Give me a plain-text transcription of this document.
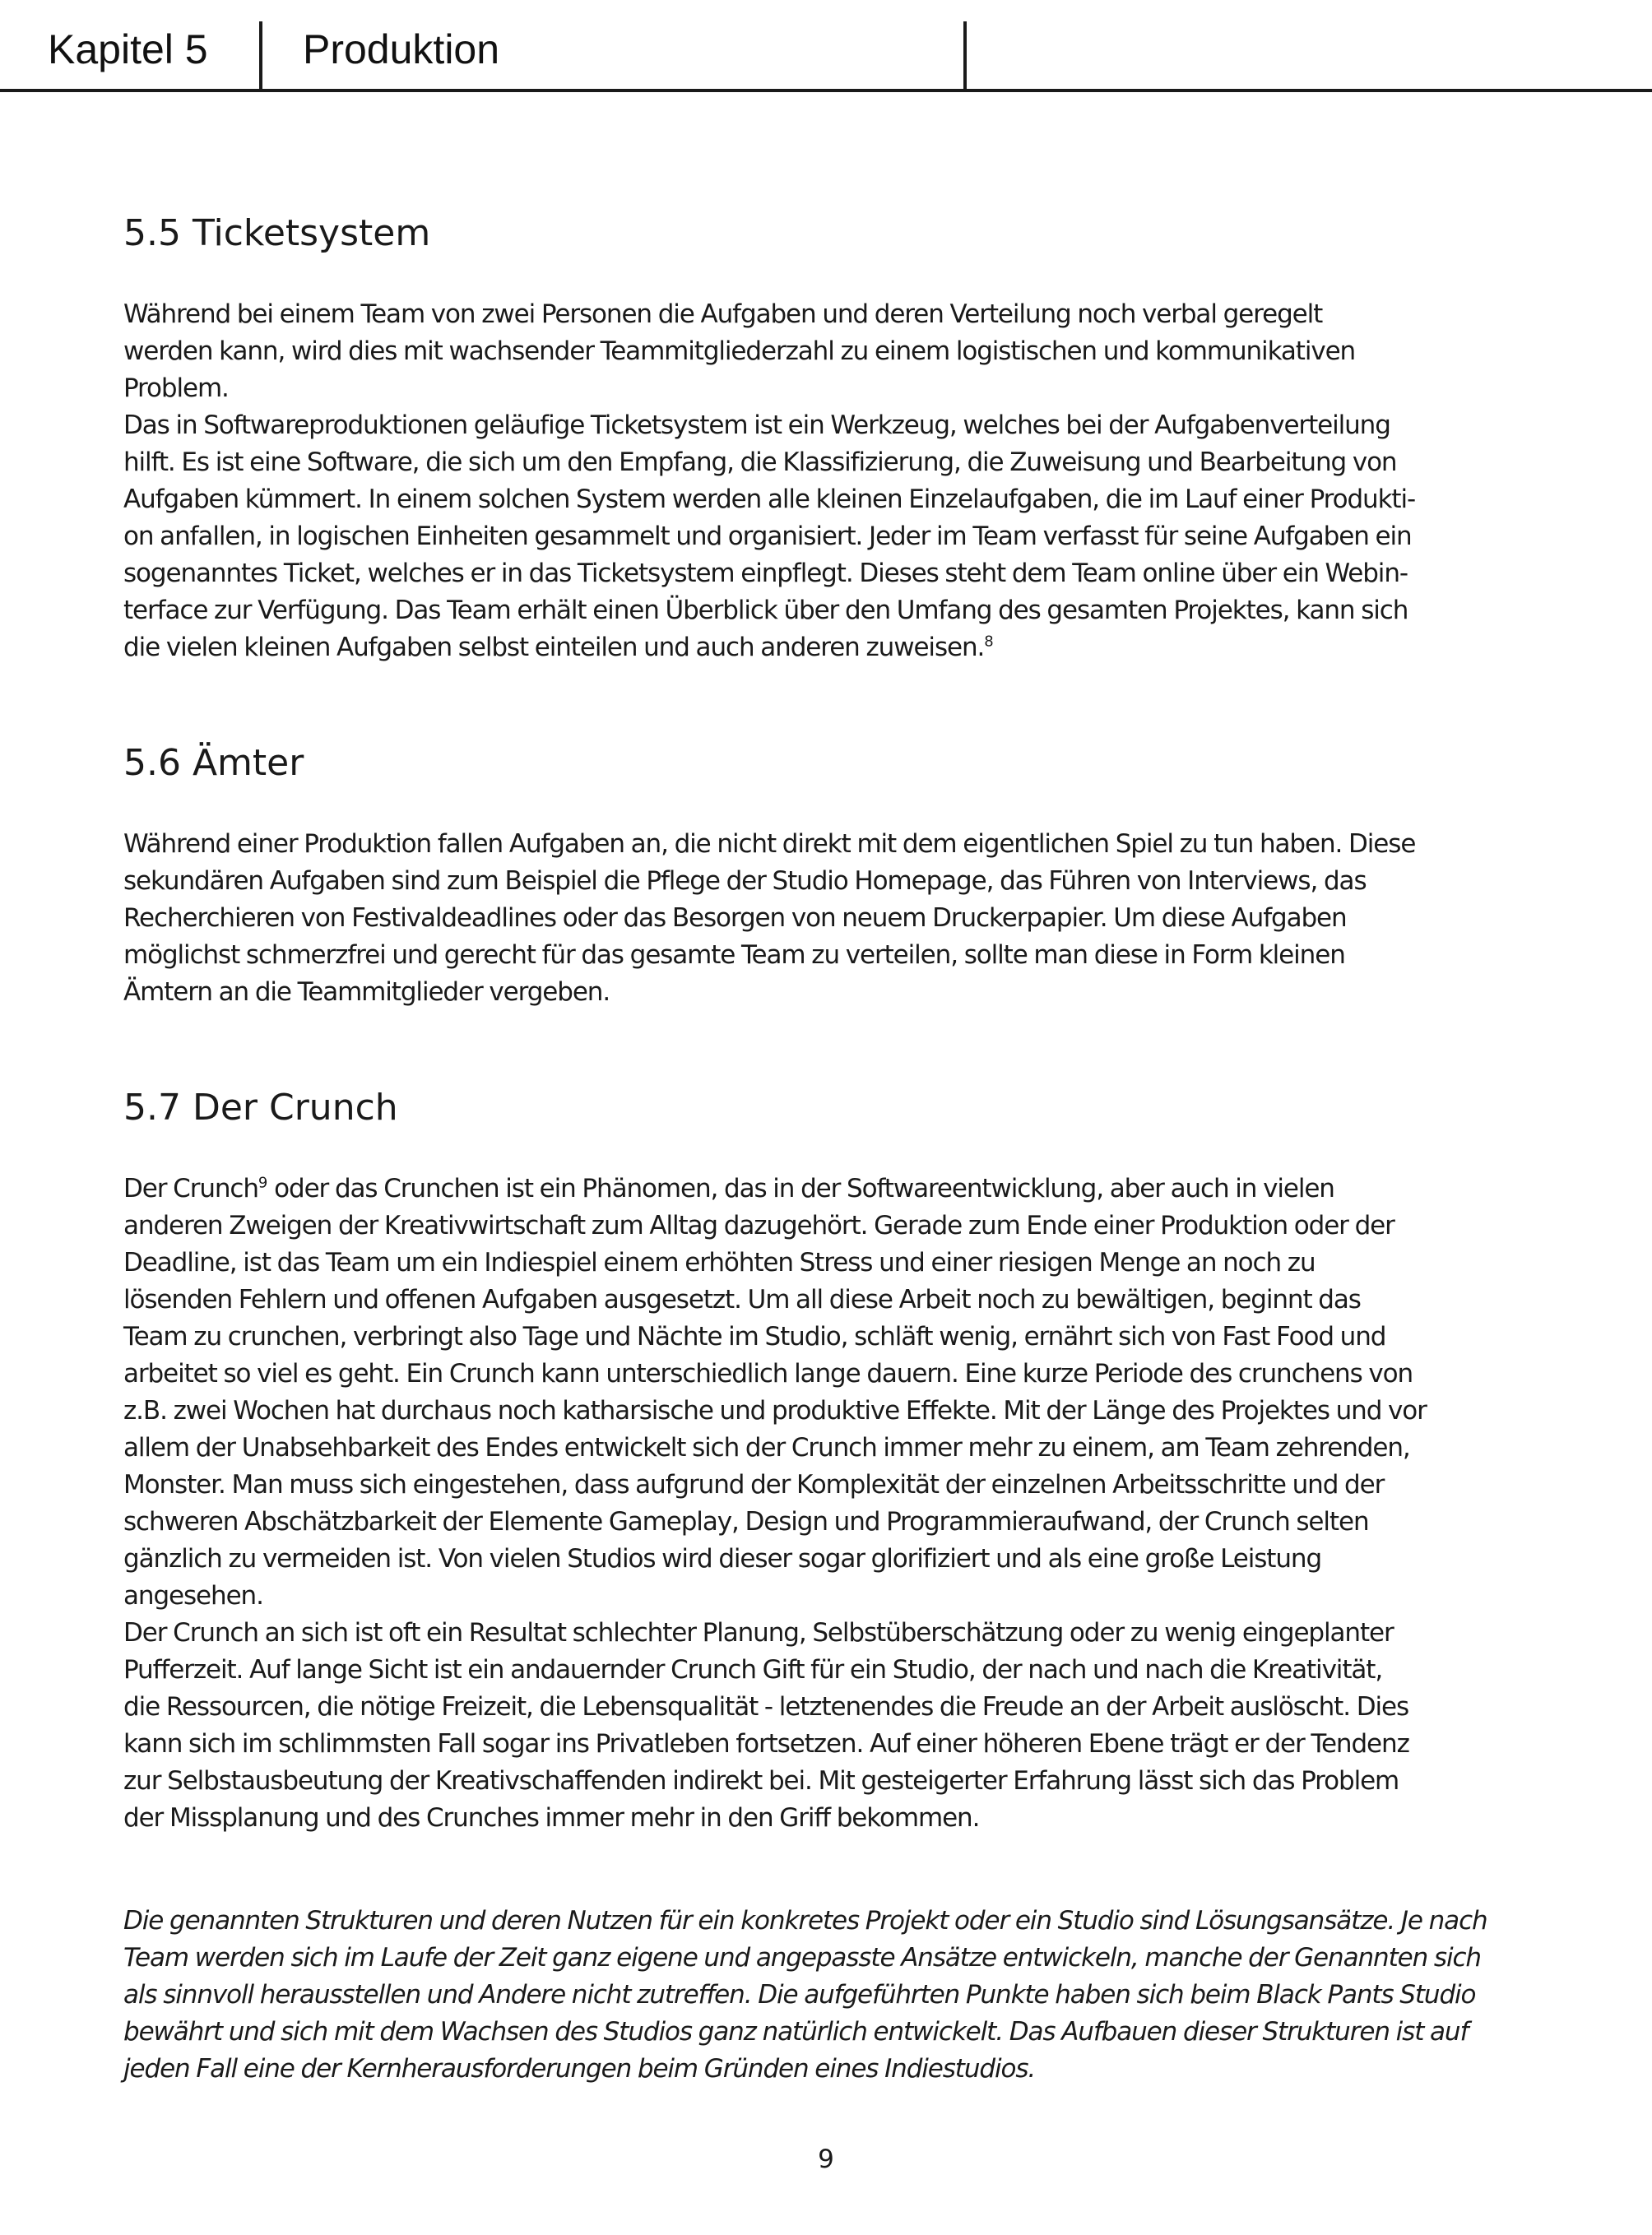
Kapitel 5 Produktion
5.5 Ticketsystem

Während bei einem Team von zwei Personen die Aufgaben und deren Verteilung noch verbal geregelt
werden kann, wird dies mit wachsender Teammitgliederzahl zu einem logistischen und kommunikativen
Problem.
Das in Softwareproduktionen geläufige Ticketsystem ist ein Werkzeug, welches bei der Aufgabenverteilung
hilft. Es ist eine Software, die sich um den Empfang, die Klassifizierung, die Zuweisung und Bearbeitung von
Aufgaben kümmert. In einem solchen System werden alle kleinen Einzelaufgaben, die im Lauf einer Produkti-
on anfallen, in logischen Einheiten gesammelt und organisiert. Jeder im Team verfasst für seine Aufgaben ein
sogenanntes Ticket, welches er in das Ticketsystem einpflegt. Dieses steht dem Team online über ein Webin-
terface zur Verfügung. Das Team erhält einen Überblick über den Umfang des gesamten Projektes, kann sich
die vielen kleinen Aufgaben selbst einteilen und auch anderen zuweisen.$^8$

5.6 Ämter

Während einer Produktion fallen Aufgaben an, die nicht direkt mit dem eigentlichen Spiel zu tun haben. Diese
sekundären Aufgaben sind zum Beispiel die Pflege der Studio Homepage, das Führen von Interviews, das
Recherchieren von Festivaldeadlines oder das Besorgen von neuem Druckerpapier. Um diese Aufgaben
möglichst schmerzfrei und gerecht für das gesamte Team zu verteilen, sollte man diese in Form kleinen
Ämtern an die Teammitglieder vergeben.

5.7 Der Crunch

Der Crunch$^9$ oder das Crunchen ist ein Phänomen, das in der Softwareentwicklung, aber auch in vielen
anderen Zweigen der Kreativwirtschaft zum Alltag dazugehört. Gerade zum Ende einer Produktion oder der
Deadline, ist das Team um ein Indiespiel einem erhöhten Stress und einer riesigen Menge an noch zu
lösenden Fehlern und offenen Aufgaben ausgesetzt. Um all diese Arbeit noch zu bewältigen, beginnt das
Team zu crunchen, verbringt also Tage und Nächte im Studio, schläft wenig, ernährt sich von Fast Food und
arbeitet so viel es geht. Ein Crunch kann unterschiedlich lange dauern. Eine kurze Periode des crunchens von
z.B. zwei Wochen hat durchaus noch katharsische und produktive Effekte. Mit der Länge des Projektes und vor
allem der Unabsehbarkeit des Endes entwickelt sich der Crunch immer mehr zu einem, am Team zehrenden,
Monster. Man muss sich eingestehen, dass aufgrund der Komplexität der einzelnen Arbeitsschritte und der
schweren Abschätzbarkeit der Elemente Gameplay, Design und Programmieraufwand, der Crunch selten
gänzlich zu vermeiden ist. Von vielen Studios wird dieser sogar glorifiziert und als eine große Leistung
angesehen.
Der Crunch an sich ist oft ein Resultat schlechter Planung, Selbstüberschätzung oder zu wenig eingeplanter
Pufferzeit. Auf lange Sicht ist ein andauernder Crunch Gift für ein Studio, der nach und nach die Kreativität,
die Ressourcen, die nötige Freizeit, die Lebensqualität - letztenendes die Freude an der Arbeit auslöscht. Dies
kann sich im schlimmsten Fall sogar ins Privatleben fortsetzen. Auf einer höheren Ebene trägt er der Tendenz
zur Selbstausbeutung der Kreativschaffenden indirekt bei. Mit gesteigerter Erfahrung lässt sich das Problem
der Missplanung und des Crunches immer mehr in den Griff bekommen.

Die genannten Strukturen und deren Nutzen für ein konkretes Projekt oder ein Studio sind Lösungsansätze. Je nach
Team werden sich im Laufe der Zeit ganz eigene und angepasste Ansätze entwickeln, manche der Genannten sich
als sinnvoll herausstellen und Andere nicht zutreffen. Die aufgeführten Punkte haben sich beim Black Pants Studio
bewährt und sich mit dem Wachsen des Studios ganz natürlich entwickelt. Das Aufbauen dieser Strukturen ist auf
jeden Fall eine der Kernherausforderungen beim Gründen eines Indiestudios.

9
